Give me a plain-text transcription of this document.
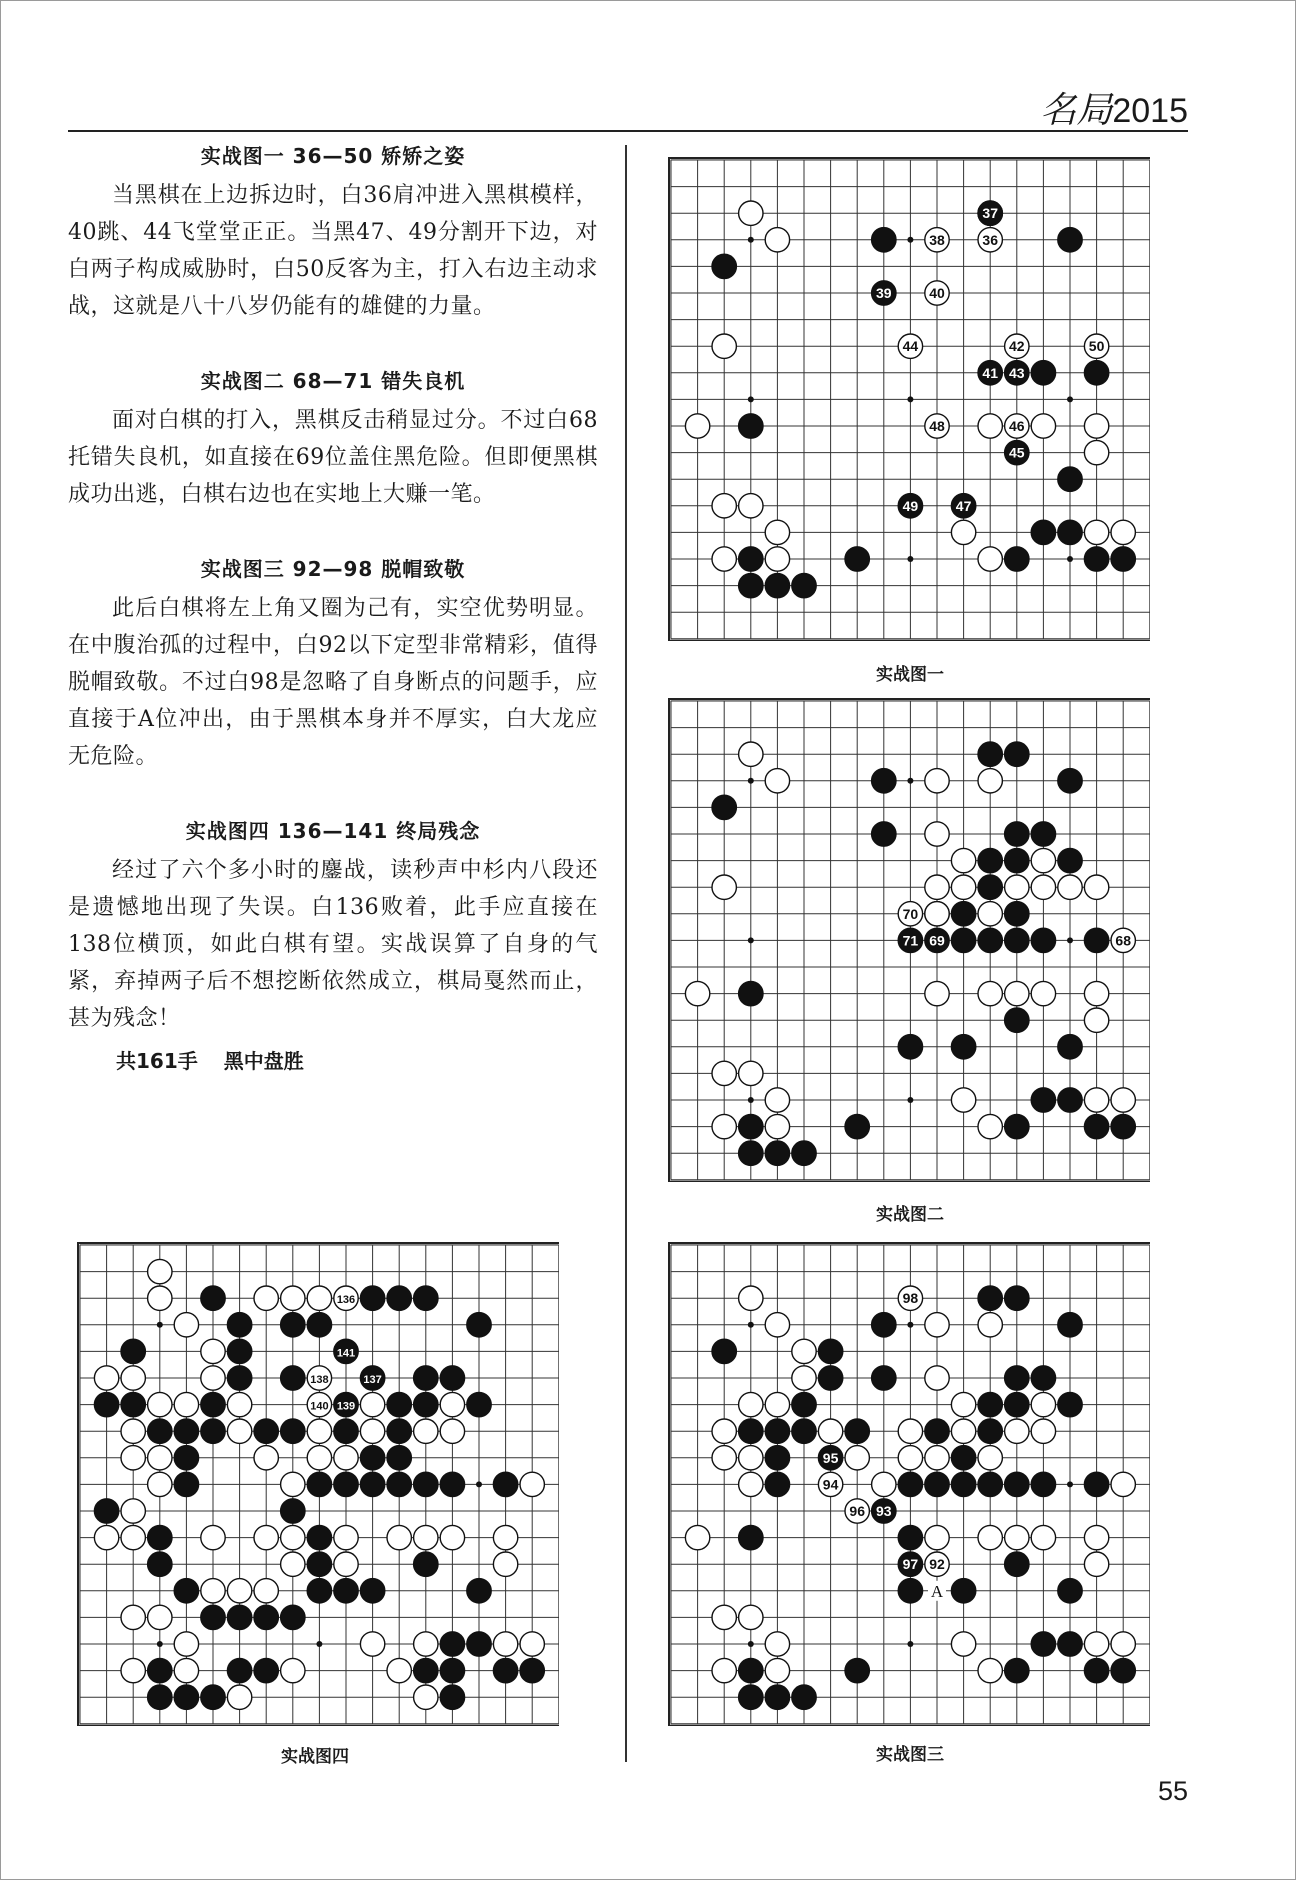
名局2015
实战图一 36—50 矫矫之姿

当黑棋在上边拆边时，白36肩冲进入黑棋模样，40跳、44飞堂堂正正。当黑47、49分割开下边，对白两子构成威胁时，白50反客为主，打入右边主动求战，这就是八十八岁仍能有的雄健的力量。

实战图二 68—71 错失良机

面对白棋的打入，黑棋反击稍显过分。不过白68托错失良机，如直接在69位盖住黑危险。但即便黑棋成功出逃，白棋右边也在实地上大赚一笔。

实战图三 92—98 脱帽致敬

此后白棋将左上角又圈为己有，实空优势明显。在中腹治孤的过程中，白92以下定型非常精彩，值得脱帽致敬。不过白98是忽略了自身断点的问题手，应直接于A位冲出，由于黑棋本身并不厚实，白大龙应无危险。

实战图四 136—141 终局残念

经过了六个多小时的鏖战，读秒声中杉内八段还是遗憾地出现了失误。白136败着，此手应直接在138位横顶，如此白棋有望。实战误算了自身的气紧，弃掉两子后不想挖断依然成立，棋局戛然而止，甚为残念！

共161手 黑中盘胜
36
37
38
39	40
41
42
43
44
45
46
47
48
49
50
实战图一
68
69
70
71
实战图二
92
93
94
95
96
97
98
A
实战图三
136
137
138
139
140
141
实战图四
55
